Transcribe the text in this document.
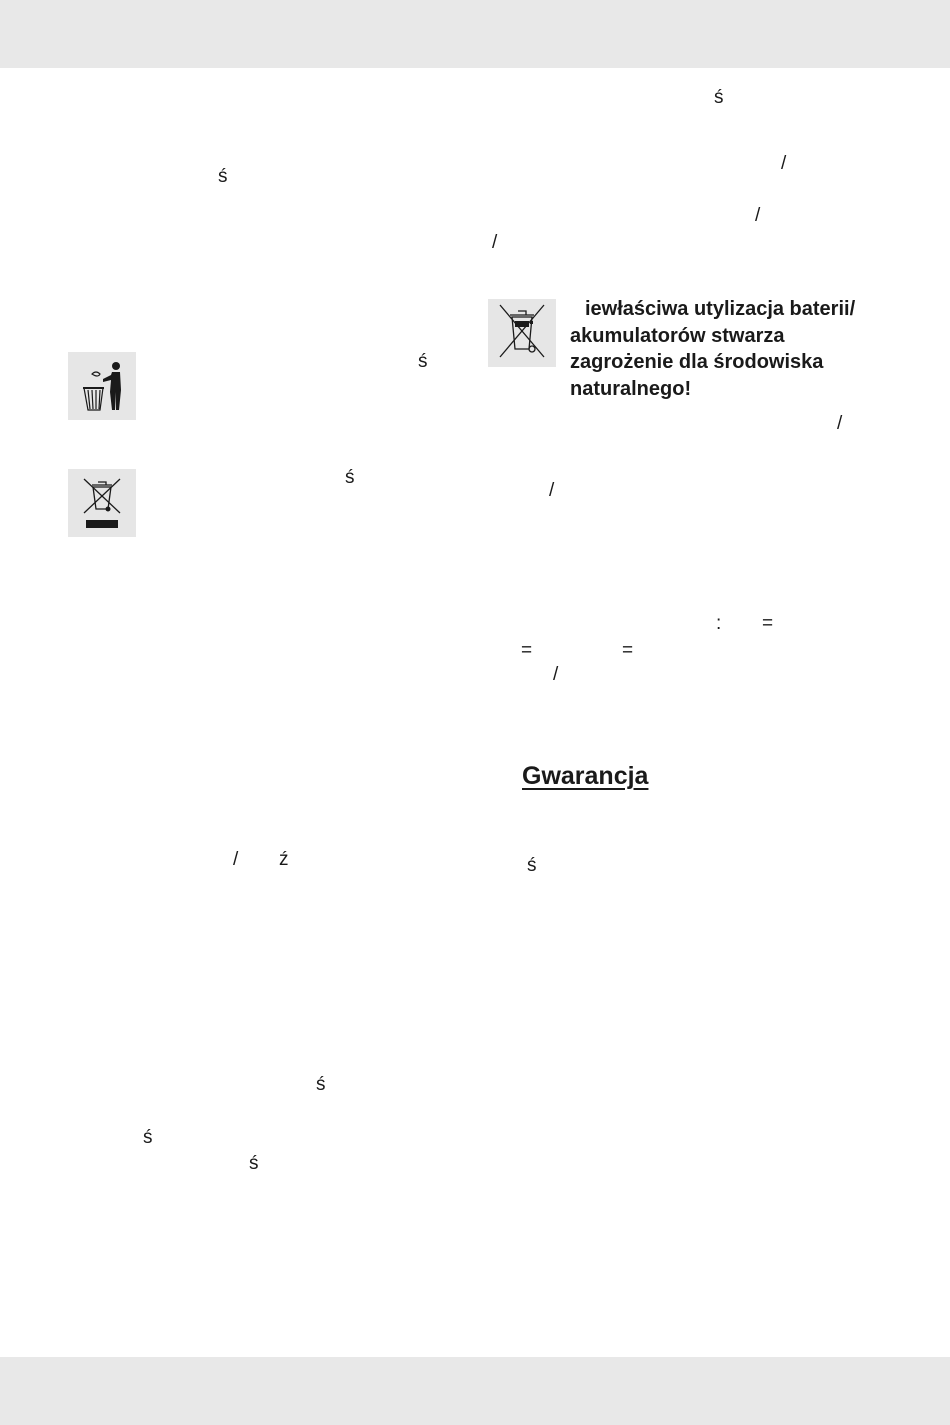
ś
ś
ś
/ ź
ś
ś
ś
ś
/
/
/
/
/
: =
=	=
/
ś

iewłaściwa utylizacja baterii/

akumulatorów stwarza

zagrożenie dla środowiska

naturalnego!

Gwarancja
